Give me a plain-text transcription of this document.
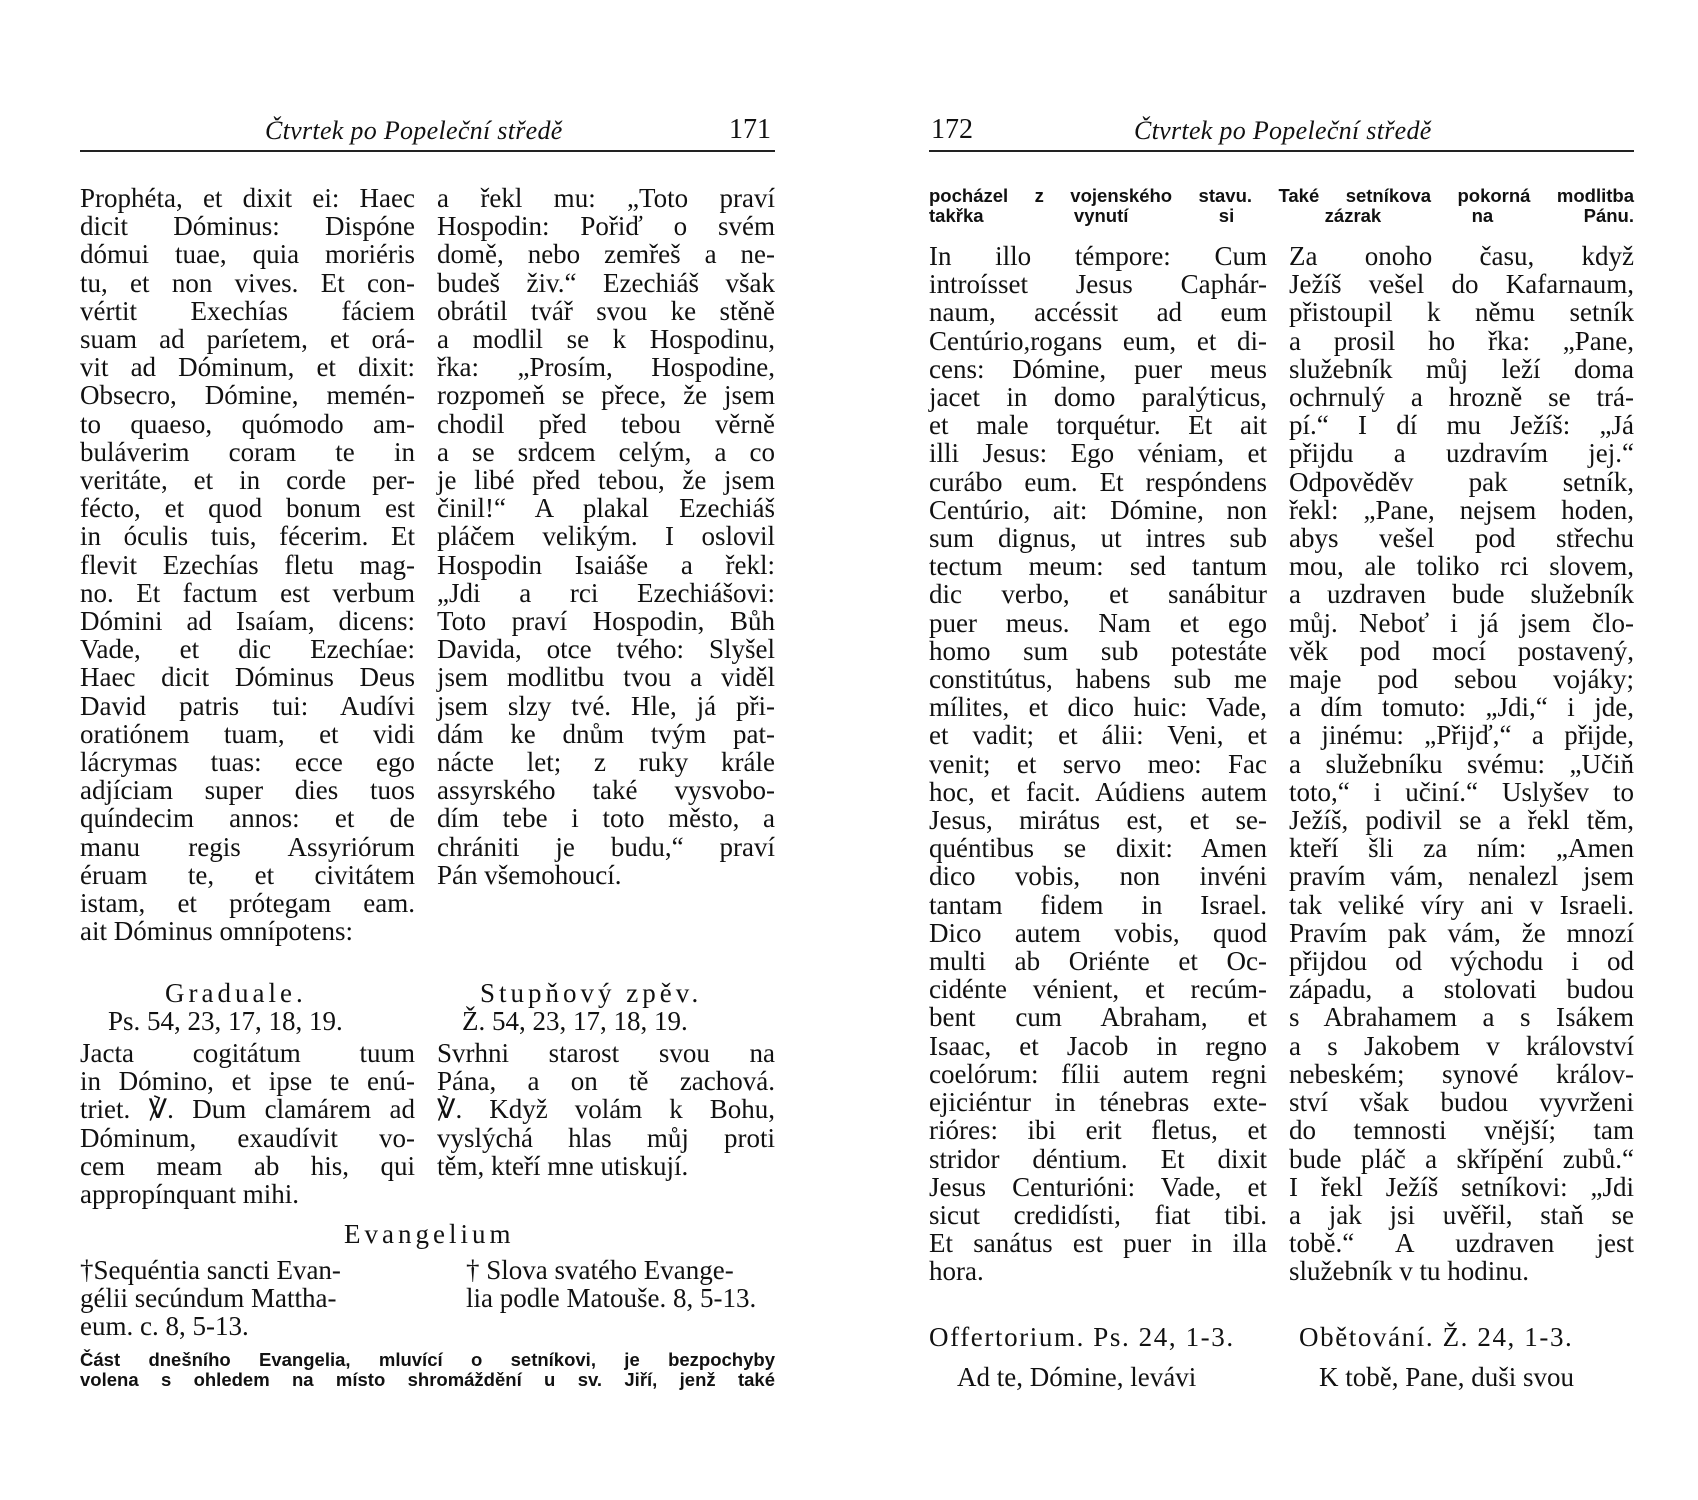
Čtvrtek po Popeleční středě	171
Prophéta, et dixit ei: Haec
dicit Dóminus: Dispóne
dómui tuae, quia moriéris
tu, et non vives. Et con-
vértit Exechías fáciem
suam ad paríetem, et orá-
vit ad Dóminum, et dixit:
Obsecro, Dómine, memén-
to quaeso, quómodo am-
buláverim coram te in
veritáte, et in corde per-
fécto, et quod bonum est
in óculis tuis, fécerim. Et
flevit Ezechías fletu mag-
no. Et factum est verbum
Dómini ad Isaíam, dicens:
Vade, et dic Ezechíae:
Haec dicit Dóminus Deus
David patris tui: Audívi
oratiónem tuam, et vidi
lácrymas tuas: ecce ego
adjíciam super dies tuos
quíndecim annos: et de
manu regis Assyriórum
éruam te, et civitátem
istam, et prótegam eam.
ait Dóminus omnípotens:
a řekl mu: „Toto praví
Hospodin: Pořiď o svém
domě, nebo zemřeš a ne-
budeš živ.“ Ezechiáš však
obrátil tvář svou ke stěně
a modlil se k Hospodinu,
řka: „Prosím, Hospodine,
rozpomeň se přece, že jsem
chodil před tebou věrně
a se srdcem celým, a co
je libé před tebou, že jsem
činil!“ A plakal Ezechiáš
pláčem velikým. I oslovil
Hospodin Isaiáše a řekl:
„Jdi a rci Ezechiášovi:
Toto praví Hospodin, Bůh
Davida, otce tvého: Slyšel
jsem modlitbu tvou a viděl
jsem slzy tvé. Hle, já při-
dám ke dnům tvým pat-
náctе let; z ruky krále
assyrského také vysvobo-
dím tebe i toto město, a
chrániti je budu,“ praví
Pán všemohoucí.
Graduale.
Ps. 54, 23, 17, 18, 19.
Stupňový zpěv.
Ž. 54, 23, 17, 18, 19.
Jacta cogitátum tuum
in Dómino, et ipse te enú-
triet. ℣. Dum clamárem ad
Dóminum, exaudívit vo-
cem meam ab his, qui
appropínquant mihi.
Svrhni starost svou na
Pána, a on tě zachová.
℣. Když volám k Bohu,
vyslýchá hlas můj proti
těm, kteří mne utiskují.
Evangelium
†Sequéntia sancti Evan-
gélii secúndum Mattha-
eum. c. 8, 5-13.
† Slova svatého Evange-
lia podle Matouše. 8, 5-13.
Část dnešního Evangelia, mluvící o setníkovi, je bezpochyby
volena s ohledem na místo shromáždění u sv. Jiří, jenž také
172	Čtvrtek po Popeleční středě
pocházel z vojenského stavu. Také setníkova pokorná modlitba
takřka vynutí si zázrak na Pánu.
In illo témpore: Cum
introísset Jesus Caphár-
naum, accéssit ad eum
Centúrio,rogans eum, et di-
cens: Dómine, puer meus
jacet in domo paralýticus,
et male torquétur. Et ait
illi Jesus: Ego véniam, et
curábo eum. Et respóndens
Centúrio, ait: Dómine, non
sum dignus, ut intres sub
tectum meum: sed tantum
dic verbo, et sanábitur
puer meus. Nam et ego
homo sum sub potestáte
constitútus, habens sub me
mílites, et dico huic: Vade,
et vadit; et álii: Veni, et
venit; et servo meo: Fac
hoc, et facit. Aúdiens autem
Jesus, mirátus est, et se-
quéntibus se dixit: Amen
dico vobis, non invéni
tantam fidem in Israel.
Dico autem vobis, quod
multi ab Oriénte et Oc-
cidénte vénient, et recúm-
bent cum Abraham, et
Isaac, et Jacob in regno
coelórum: fílii autem regni
ejiciéntur in ténebras exte-
rióres: ibi erit fletus, et
stridor déntium. Et dixit
Jesus Centurióni: Vade, et
sicut credidísti, fiat tibi.
Et sanátus est puer in illa
hora.
Za onoho času, když
Ježíš vešel do Kafarnaum,
přistoupil k němu setník
a prosil ho řka: „Pane,
služebník můj leží doma
ochrnulý a hrozně se trá-
pí.“ I dí mu Ježíš: „Já
přijdu a uzdravím jej.“
Odpověděv pak setník,
řekl: „Pane, nejsem hoden,
abys vešel pod střechu
mou, ale toliko rci slovem,
a uzdraven bude služebník
můj. Neboť i já jsem člo-
věk pod mocí postavený,
maje pod sebou vojáky;
a dím tomuto: „Jdi,“ i jde,
a jinému: „Přijď,“ a přijde,
a služebníku svému: „Učiň
toto,“ i učiní.“ Uslyšev to
Ježíš, podivil se a řekl těm,
kteří šli za ním: „Amen
pravím vám, nenalezl jsem
tak veliké víry ani v Israeli.
Pravím pak vám, že mnozí
přijdou od východu i od
západu, a stolovati budou
s Abrahamem a s Isákem
a s Jakobem v království
nebeském; synové králov-
ství však budou vyvrženi
do temnosti vnější; tam
bude pláč a skřípění zubů.“
I řekl Ježíš setníkovi: „Jdi
a jak jsi uvěřil, staň se
tobě.“ A uzdraven jest
služebník v tu hodinu.
Offertorium. Ps. 24, 1-3. Obětování. Ž. 24, 1-3.
Ad te, Dómine, levávi	K tobě, Pane, duši svou
